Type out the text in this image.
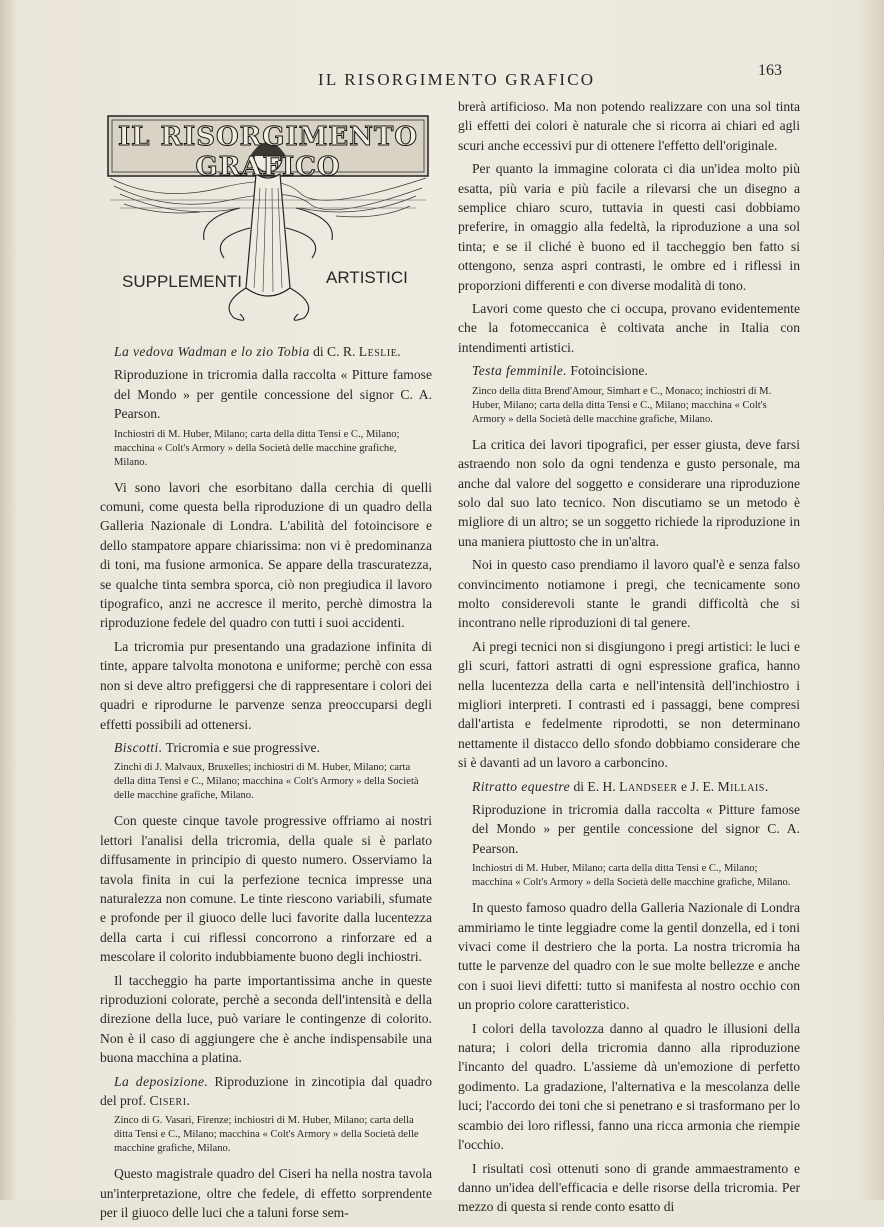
IL RISORGIMENTO GRAFICO	163
IL RISORGIMENTO GRAFICO
SUPPLEMENTI	ARTISTICI

La vedova Wadman e lo zio Tobia di C. R. Leslie.

Riproduzione in tricromia dalla raccolta « Pitture famose del Mondo » per gentile concessione del signor C. A. Pearson.
Inchiostri di M. Huber, Milano; carta della ditta Tensi e C., Milano; macchina « Colt's Armory » della Società delle macchine grafiche, Milano.

Vi sono lavori che esorbitano dalla cerchia di quelli comuni, come questa bella riproduzione di un quadro della Galleria Nazionale di Londra. L'abilità del fotoincisore e dello stampatore appare chiarissima: non vi è predominanza di toni, ma fusione armonica. Se appare della trascuratezza, se qualche tinta sembra sporca, ciò non pregiudica il lavoro tipografico, anzi ne accresce il merito, perchè dimostra la riproduzione fedele del quadro con tutti i suoi accidenti.

La tricromia pur presentando una gradazione infinita di tinte, appare talvolta monotona e uniforme; perchè con essa non si deve altro prefiggersi che di rappresentare i colori dei quadri e riprodurne le parvenze senza preoccuparsi degli effetti possibili ad ottenersi.

Biscotti. Tricromia e sue progressive.

Zinchi di J. Malvaux, Bruxelles; inchiostri di M. Huber, Milano; carta della ditta Tensi e C., Milano; macchina « Colt's Armory » della Società delle macchine grafiche, Milano.

Con queste cinque tavole progressive offriamo ai nostri lettori l'analisi della tricromia, della quale si è parlato diffusamente in principio di questo numero. Osserviamo la tavola finita in cui la perfezione tecnica impresse una naturalezza non comune. Le tinte riescono variabili, sfumate e profonde per il giuoco delle luci favorite dalla lucentezza della carta i cui riflessi concorrono a rinforzare ed a mescolare il colorito indubbiamente buono degli inchiostri.

Il taccheggio ha parte importantissima anche in queste riproduzioni colorate, perchè a seconda dell'intensità e della direzione della luce, può variare le contingenze di colorito. Non è il caso di aggiungere che è anche indispensabile una buona macchina a platina.

La deposizione. Riproduzione in zincotipia dal quadro del prof. Ciseri.

Zinco di G. Vasari, Firenze; inchiostri di M. Huber, Milano; carta della ditta Tensi e C., Milano; macchina « Colt's Armory » della Società delle macchine grafiche, Milano.

Questo magistrale quadro del Ciseri ha nella nostra tavola un'interpretazione, oltre che fedele, di effetto sorprendente per il giuoco delle luci che a taluni forse sem-

brerà artificioso. Ma non potendo realizzare con una sol tinta gli effetti dei colori è naturale che si ricorra ai chiari ed agli scuri anche eccessivi pur di ottenere l'effetto dell'originale.

Per quanto la immagine colorata ci dia un'idea molto più esatta, più varia e più facile a rilevarsi che un disegno a semplice chiaro scuro, tuttavia in questi casi dobbiamo preferire, in omaggio alla fedeltà, la riproduzione a una sol tinta; e se il cliché è buono ed il taccheggio ben fatto si ottengono, senza aspri contrasti, le ombre ed i riflessi in proporzioni differenti e con diverse modalità di tono.

Lavori come questo che ci occupa, provano evidentemente che la fotomeccanica è coltivata anche in Italia con intendimenti artistici.

Testa femminile. Fotoincisione.

Zinco della ditta Brend'Amour, Simhart e C., Monaco; inchiostri di M. Huber, Milano; carta della ditta Tensi e C., Milano; macchina « Colt's Armory » della Società delle macchine grafiche, Milano.

La critica dei lavori tipografici, per esser giusta, deve farsi astraendo non solo da ogni tendenza e gusto personale, ma anche dal valore del soggetto e considerare una riproduzione solo dal suo lato tecnico. Non discutiamo se un metodo è migliore di un altro; se un soggetto richiede la riproduzione in una maniera piuttosto che in un'altra.

Noi in questo caso prendiamo il lavoro qual'è e senza falso convincimento notiamone i pregi, che tecnicamente sono molto considerevoli stante le grandi difficoltà che si incontrano nelle riproduzioni di tal genere.

Ai pregi tecnici non si disgiungono i pregi artistici: le luci e gli scuri, fattori astratti di ogni espressione grafica, hanno nella lucentezza della carta e nell'intensità dell'inchiostro i migliori interpreti. I contrasti ed i passaggi, bene compresi dall'artista e fedelmente riprodotti, se non determinano nettamente il distacco dello sfondo dobbiamo considerare che si è davanti ad un lavoro a carboncino.

Ritratto equestre di E. H. Landseer e J. E. Millais.

Riproduzione in tricromia dalla raccolta « Pitture famose del Mondo » per gentile concessione del signor C. A. Pearson.
Inchiostri di M. Huber, Milano; carta della ditta Tensi e C., Milano; macchina « Colt's Armory » della Società delle macchine grafiche, Milano.

In questo famoso quadro della Galleria Nazionale di Londra ammiriamo le tinte leggiadre come la gentil donzella, ed i toni vivaci come il destriero che la porta. La nostra tricromia ha tutte le parvenze del quadro con le sue molte bellezze e anche con i suoi lievi difetti: tutto si manifesta al nostro occhio con un proprio colore caratteristico.

I colori della tavolozza danno al quadro le illusioni della natura; i colori della tricromia danno alla riproduzione l'incanto del quadro. L'assieme dà un'emozione di perfetto godimento. La gradazione, l'alternativa e la mescolanza delle luci; l'accordo dei toni che si penetrano e si trasformano per lo scambio dei loro riflessi, fanno una ricca armonia che riempie l'occhio.

I risultati così ottenuti sono di grande ammaestramento e danno un'idea dell'efficacia e delle risorse della tricromia. Per mezzo di questa si rende conto esatto di
